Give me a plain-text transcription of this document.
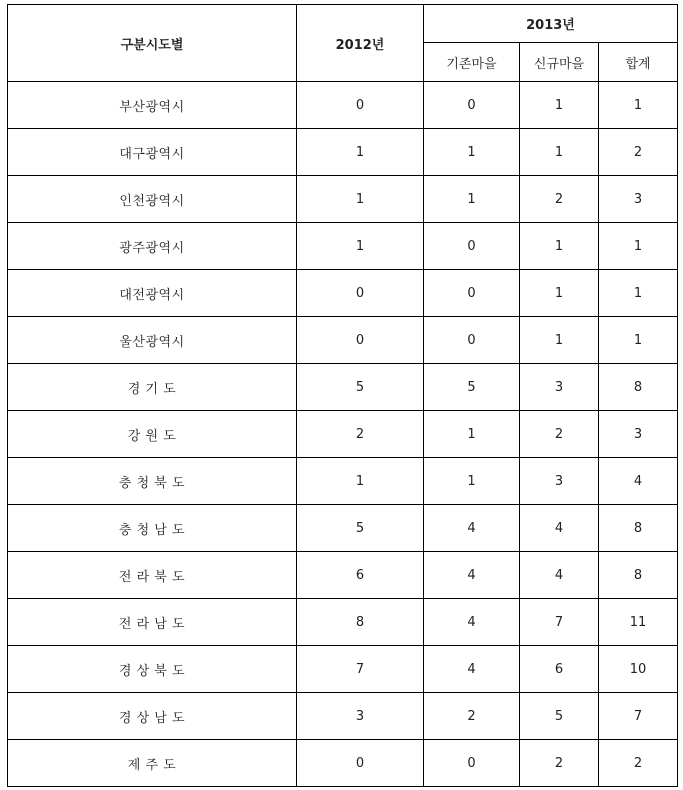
구분시도별	2012년	2013년		
		기존마을	신규마을	합계
부산광역시	0	0	1	1
대구광역시	1	1	1	2
인천광역시	1	1	2	3
광주광역시	1	0	1	1
대전광역시	0	0	1	1
울산광역시	0	0	1	1
경 기 도	5	5	3	8
강 원 도	2	1	2	3
충 청 북 도	1	1	3	4
충 청 남 도	5	4	4	8
전 라 북 도	6	4	4	8
전 라 남 도	8	4	7	11
경 상 북 도	7	4	6	10
경 상 남 도	3	2	5	7
제 주 도	0	0	2	2
